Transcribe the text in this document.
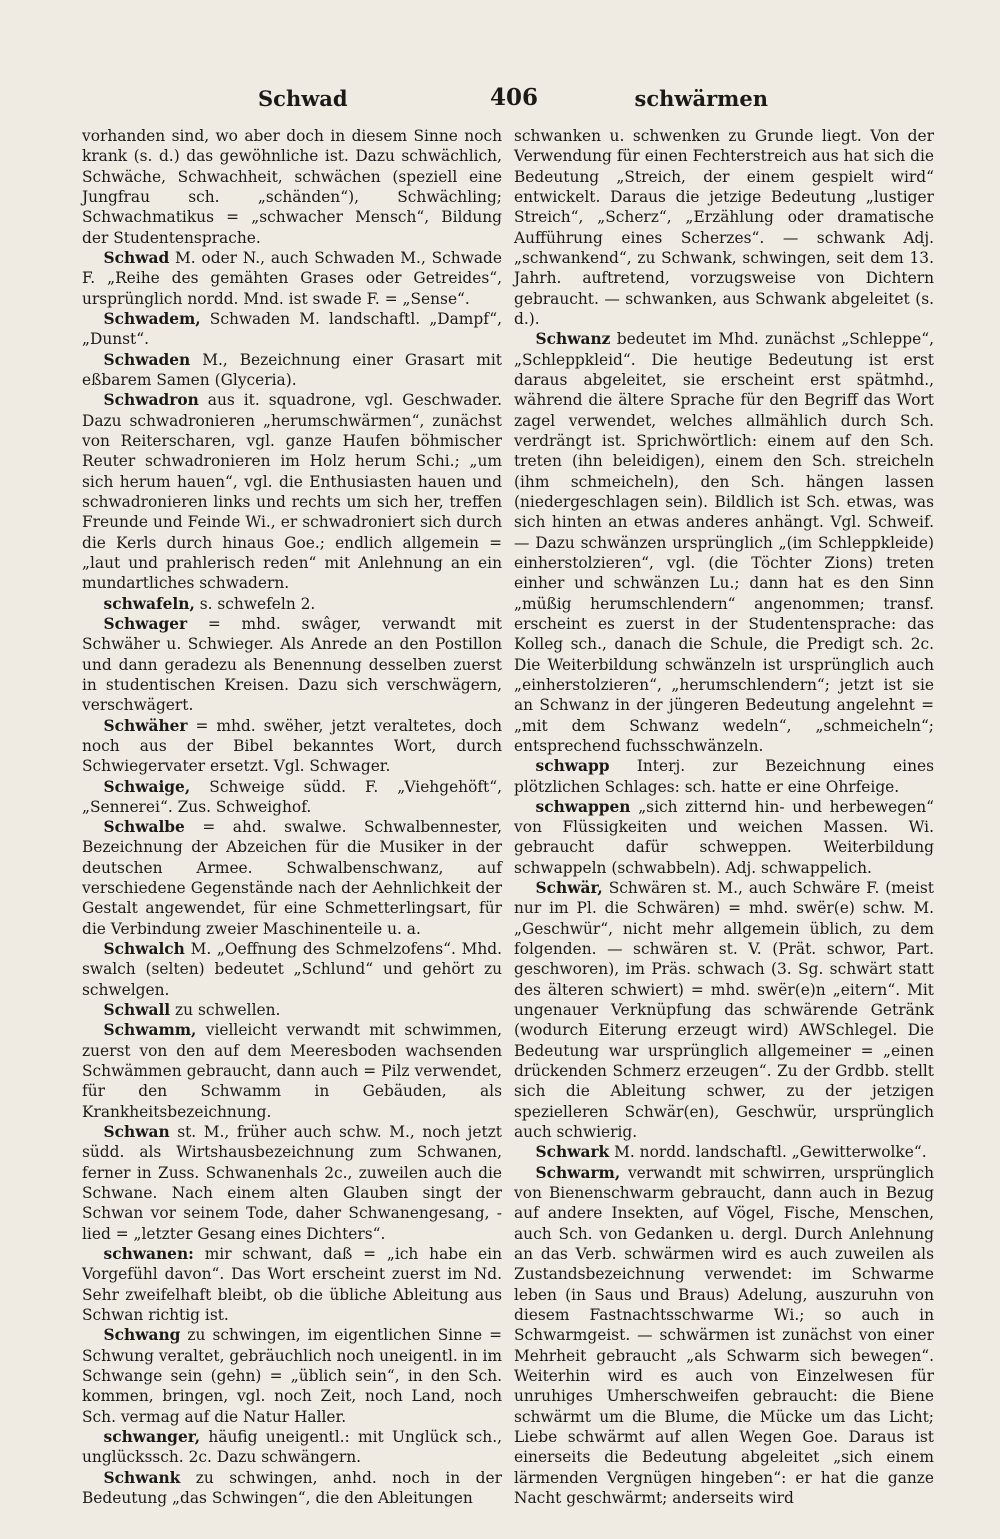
Schwad	406	schwärmen

vorhanden sind, wo aber doch in diesem Sinne noch krank (s. d.) das gewöhnliche ist. Dazu schwächlich, Schwäche, Schwachheit, schwächen (speziell eine Jungfrau sch. „schänden“), Schwächling; Schwachmatikus = „schwacher Mensch“, Bildung der Studentensprache.

Schwad M. oder N., auch Schwaden M., Schwade F. „Reihe des gemähten Grases oder Getreides“, ursprünglich nordd. Mnd. ist swade F. = „Sense“.

Schwadem, Schwaden M. landschaftl. „Dampf“, „Dunst“.

Schwaden M., Bezeichnung einer Grasart mit eßbarem Samen (Glyceria).

Schwadron aus it. squadrone, vgl. Geschwader. Dazu schwadronieren „herumschwärmen“, zunächst von Reiterscharen, vgl. ganze Haufen böhmischer Reuter schwadronieren im Holz herum Schi.; „um sich herum hauen“, vgl. die Enthusiasten hauen und schwadronieren links und rechts um sich her, treffen Freunde und Feinde Wi., er schwadroniert sich durch die Kerls durch hinaus Goe.; endlich allgemein = „laut und prahlerisch reden“ mit Anlehnung an ein mundartliches schwadern.

schwafeln, s. schwefeln 2.

Schwager = mhd. swâger, verwandt mit Schwäher u. Schwieger. Als Anrede an den Postillon und dann geradezu als Benennung desselben zuerst in studentischen Kreisen. Dazu sich verschwägern, verschwägert.

Schwäher = mhd. swëher, jetzt veraltetes, doch noch aus der Bibel bekanntes Wort, durch Schwiegervater ersetzt. Vgl. Schwager.

Schwaige, Schweige südd. F. „Viehgehöft“, „Sennerei“. Zus. Schweighof.

Schwalbe = ahd. swalwe. Schwalbennester, Bezeichnung der Abzeichen für die Musiker in der deutschen Armee. Schwalbenschwanz, auf verschiedene Gegenstände nach der Aehnlichkeit der Gestalt angewendet, für eine Schmetterlingsart, für die Verbindung zweier Maschinenteile u. a.

Schwalch M. „Oeffnung des Schmelzofens“. Mhd. swalch (selten) bedeutet „Schlund“ und gehört zu schwelgen.

Schwall zu schwellen.

Schwamm, vielleicht verwandt mit schwimmen, zuerst von den auf dem Meeresboden wachsenden Schwämmen gebraucht, dann auch = Pilz verwendet, für den Schwamm in Gebäuden, als Krankheitsbezeichnung.

Schwan st. M., früher auch schw. M., noch jetzt südd. als Wirtshausbezeichnung zum Schwanen, ferner in Zuss. Schwanenhals 2c., zuweilen auch die Schwane. Nach einem alten Glauben singt der Schwan vor seinem Tode, daher Schwanengesang, -lied = „letzter Gesang eines Dichters“.

schwanen: mir schwant, daß = „ich habe ein Vorgefühl davon“. Das Wort erscheint zuerst im Nd. Sehr zweifelhaft bleibt, ob die übliche Ableitung aus Schwan richtig ist.

Schwang zu schwingen, im eigentlichen Sinne = Schwung veraltet, gebräuchlich noch uneigentl. in im Schwange sein (gehn) = „üblich sein“, in den Sch. kommen, bringen, vgl. noch Zeit, noch Land, noch Sch. vermag auf die Natur Haller.

schwanger, häufig uneigentl.: mit Unglück sch., unglückssch. 2c. Dazu schwängern.

Schwank zu schwingen, anhd. noch in der Bedeutung „das Schwingen“, die den Ableitungen

schwanken u. schwenken zu Grunde liegt. Von der Verwendung für einen Fechterstreich aus hat sich die Bedeutung „Streich, der einem gespielt wird“ entwickelt. Daraus die jetzige Bedeutung „lustiger Streich“, „Scherz“, „Erzählung oder dramatische Aufführung eines Scherzes“. — schwank Adj. „schwankend“, zu Schwank, schwingen, seit dem 13. Jahrh. auftretend, vorzugsweise von Dichtern gebraucht. — schwanken, aus Schwank abgeleitet (s. d.).

Schwanz bedeutet im Mhd. zunächst „Schleppe“, „Schleppkleid“. Die heutige Bedeutung ist erst daraus abgeleitet, sie erscheint erst spätmhd., während die ältere Sprache für den Begriff das Wort zagel verwendet, welches allmählich durch Sch. verdrängt ist. Sprichwörtlich: einem auf den Sch. treten (ihn beleidigen), einem den Sch. streicheln (ihm schmeicheln), den Sch. hängen lassen (niedergeschlagen sein). Bildlich ist Sch. etwas, was sich hinten an etwas anderes anhängt. Vgl. Schweif. — Dazu schwänzen ursprünglich „(im Schleppkleide) einherstolzieren“, vgl. (die Töchter Zions) treten einher und schwänzen Lu.; dann hat es den Sinn „müßig herumschlendern“ angenommen; transf. erscheint es zuerst in der Studentensprache: das Kolleg sch., danach die Schule, die Predigt sch. 2c. Die Weiterbildung schwänzeln ist ursprünglich auch „einherstolzieren“, „herumschlendern“; jetzt ist sie an Schwanz in der jüngeren Bedeutung angelehnt = „mit dem Schwanz wedeln“, „schmeicheln“; entsprechend fuchsschwänzeln.

schwapp Interj. zur Bezeichnung eines plötzlichen Schlages: sch. hatte er eine Ohrfeige.

schwappen „sich zitternd hin- und herbewegen“ von Flüssigkeiten und weichen Massen. Wi. gebraucht dafür schweppen. Weiterbildung schwappeln (schwabbeln). Adj. schwappelich.

Schwär, Schwären st. M., auch Schwäre F. (meist nur im Pl. die Schwären) = mhd. swër(e) schw. M. „Geschwür“, nicht mehr allgemein üblich, zu dem folgenden. — schwären st. V. (Prät. schwor, Part. geschworen), im Präs. schwach (3. Sg. schwärt statt des älteren schwiert) = mhd. swër(e)n „eitern“. Mit ungenauer Verknüpfung das schwärende Getränk (wodurch Eiterung erzeugt wird) AWSchlegel. Die Bedeutung war ursprünglich allgemeiner = „einen drückenden Schmerz erzeugen“. Zu der Grdbb. stellt sich die Ableitung schwer, zu der jetzigen spezielleren Schwär(en), Geschwür, ursprünglich auch schwierig.

Schwark M. nordd. landschaftl. „Gewitterwolke“.

Schwarm, verwandt mit schwirren, ursprünglich von Bienenschwarm gebraucht, dann auch in Bezug auf andere Insekten, auf Vögel, Fische, Menschen, auch Sch. von Gedanken u. dergl. Durch Anlehnung an das Verb. schwärmen wird es auch zuweilen als Zustandsbezeichnung verwendet: im Schwarme leben (in Saus und Braus) Adelung, auszuruhn von diesem Fastnachtsschwarme Wi.; so auch in Schwarmgeist. — schwärmen ist zunächst von einer Mehrheit gebraucht „als Schwarm sich bewegen“. Weiterhin wird es auch von Einzelwesen für unruhiges Umherschweifen gebraucht: die Biene schwärmt um die Blume, die Mücke um das Licht; Liebe schwärmt auf allen Wegen Goe. Daraus ist einerseits die Bedeutung abgeleitet „sich einem lärmenden Vergnügen hingeben“: er hat die ganze Nacht geschwärmt; anderseits wird
